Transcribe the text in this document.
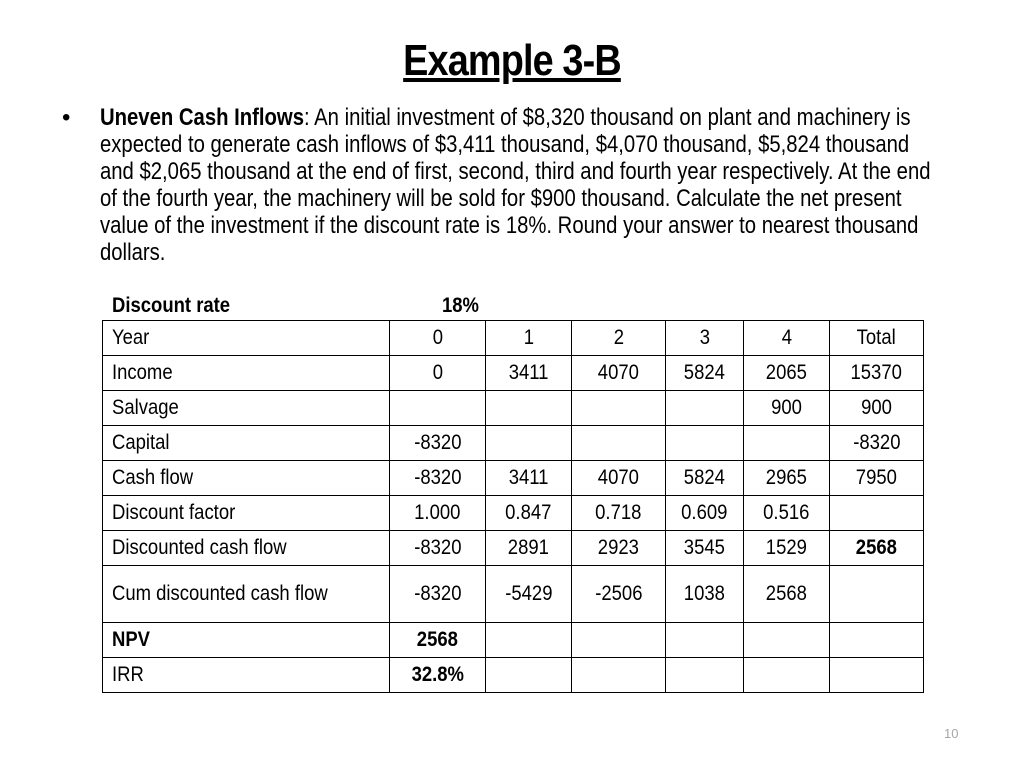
Example 3-B
• Uneven Cash Inflows: An initial investment of $8,320 thousand on plant and machinery is expected to generate cash inflows of $3,411 thousand, $4,070 thousand, $5,824 thousand and $2,065 thousand at the end of first, second, third and fourth year respectively. At the end of the fourth year, the machinery will be sold for $900 thousand. Calculate the net present value of the investment if the discount rate is 18%. Round your answer to nearest thousand dollars.
Discount rate	18%
Year	0	1	2	3	4	Total
Income	0	3411	4070	5824	2065	15370
Salvage					900	900
Capital	-8320					-8320
Cash flow	-8320	3411	4070	5824	2965	7950
Discount factor	1.000	0.847	0.718	0.609	0.516	
Discounted cash flow	-8320	2891	2923	3545	1529	2568
Cum discounted cash flow	-8320	-5429	-2506	1038	2568	
NPV	2568					
IRR	32.8%					
10
